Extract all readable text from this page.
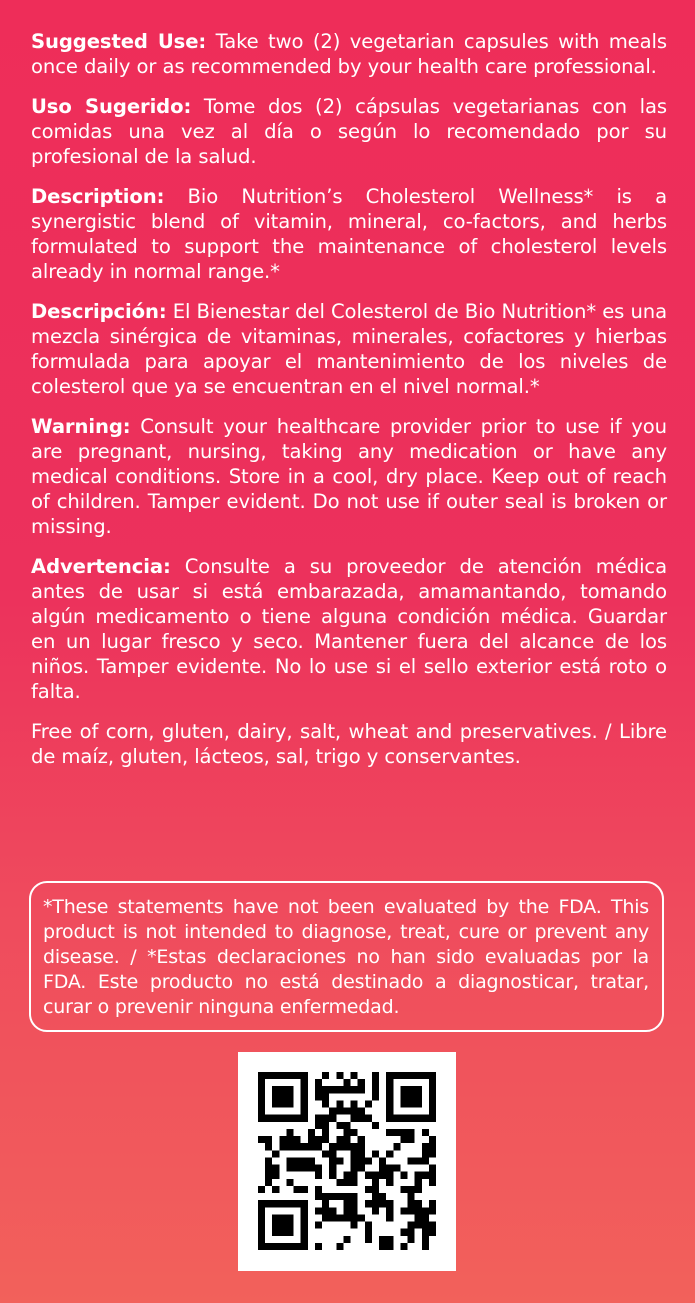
Suggested Use: Take two (2) vegetarian capsules with meals once daily or as recommended by your health care professional.

Uso Sugerido: Tome dos (2) cápsulas vegetarianas con las comidas una vez al día o según lo recomendado por su profesional de la salud.

Description: Bio Nutrition’s Cholesterol Wellness* is a synergistic blend of vitamin, mineral, co-factors, and herbs formulated to support the maintenance of cholesterol levels already in normal range.*

Descripción: El Bienestar del Colesterol de Bio Nutrition* es una mezcla sinérgica de vitaminas, minerales, cofactores y hierbas formulada para apoyar el mantenimiento de los niveles de colesterol que ya se encuentran en el nivel normal.*

Warning: Consult your healthcare provider prior to use if you are pregnant, nursing, taking any medication or have any medical conditions. Store in a cool, dry place. Keep out of reach of children. Tamper evident. Do not use if outer seal is broken or missing.

Advertencia: Consulte a su proveedor de atención médica antes de usar si está embarazada, amamantando, tomando algún medicamento o tiene alguna condición médica. Guardar en un lugar fresco y seco. Mantener fuera del alcance de los niños. Tamper evidente. No lo use si el sello exterior está roto o falta.

Free of corn, gluten, dairy, salt, wheat and preservatives. / Libre de maíz, gluten, lácteos, sal, trigo y conservantes.

*These statements have not been evaluated by the FDA. This product is not intended to diagnose, treat, cure or prevent any disease. / *Estas declaraciones no han sido evaluadas por la FDA. Este producto no está destinado a diagnosticar, tratar, curar o prevenir ninguna enfermedad.
